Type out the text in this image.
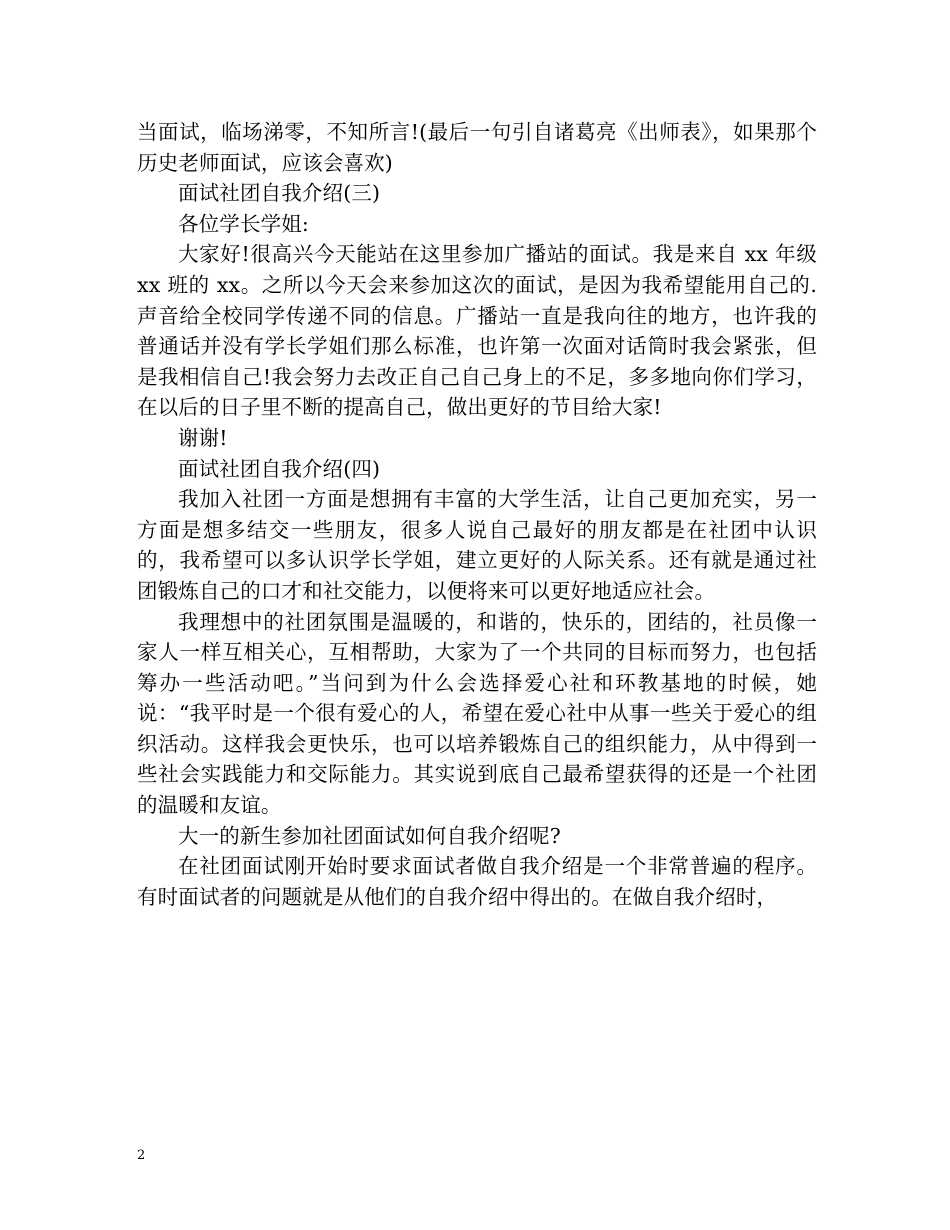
当面试，临场涕零，不知所言!(最后一句引自诸葛亮《出师表》，如果那个历史老师面试，应该会喜欢)

面试社团自我介绍(三)

各位学长学姐:

大家好!很高兴今天能站在这里参加广播站的面试。我是来自 xx 年级 xx 班的 xx。之所以今天会来参加这次的面试，是因为我希望能用自己的.声音给全校同学传递不同的信息。广播站一直是我向往的地方，也许我的普通话并没有学长学姐们那么标准，也许第一次面对话筒时我会紧张，但是我相信自己!我会努力去改正自己自己身上的不足，多多地向你们学习，在以后的日子里不断的提高自己，做出更好的节目给大家!

谢谢!

面试社团自我介绍(四)

我加入社团一方面是想拥有丰富的大学生活，让自己更加充实，另一方面是想多结交一些朋友，很多人说自己最好的朋友都是在社团中认识的，我希望可以多认识学长学姐，建立更好的人际关系。还有就是通过社团锻炼自己的口才和社交能力，以便将来可以更好地适应社会。

我理想中的社团氛围是温暖的，和谐的，快乐的，团结的，社员像一家人一样互相关心，互相帮助，大家为了一个共同的目标而努力，也包括筹办一些活动吧。”当问到为什么会选择爱心社和环教基地的时候，她说：“我平时是一个很有爱心的人，希望在爱心社中从事一些关于爱心的组织活动。这样我会更快乐，也可以培养锻炼自己的组织能力，从中得到一些社会实践能力和交际能力。其实说到底自己最希望获得的还是一个社团的温暖和友谊。

大一的新生参加社团面试如何自我介绍呢?

在社团面试刚开始时要求面试者做自我介绍是一个非常普遍的程序。有时面试者的问题就是从他们的自我介绍中得出的。在做自我介绍时，

2
